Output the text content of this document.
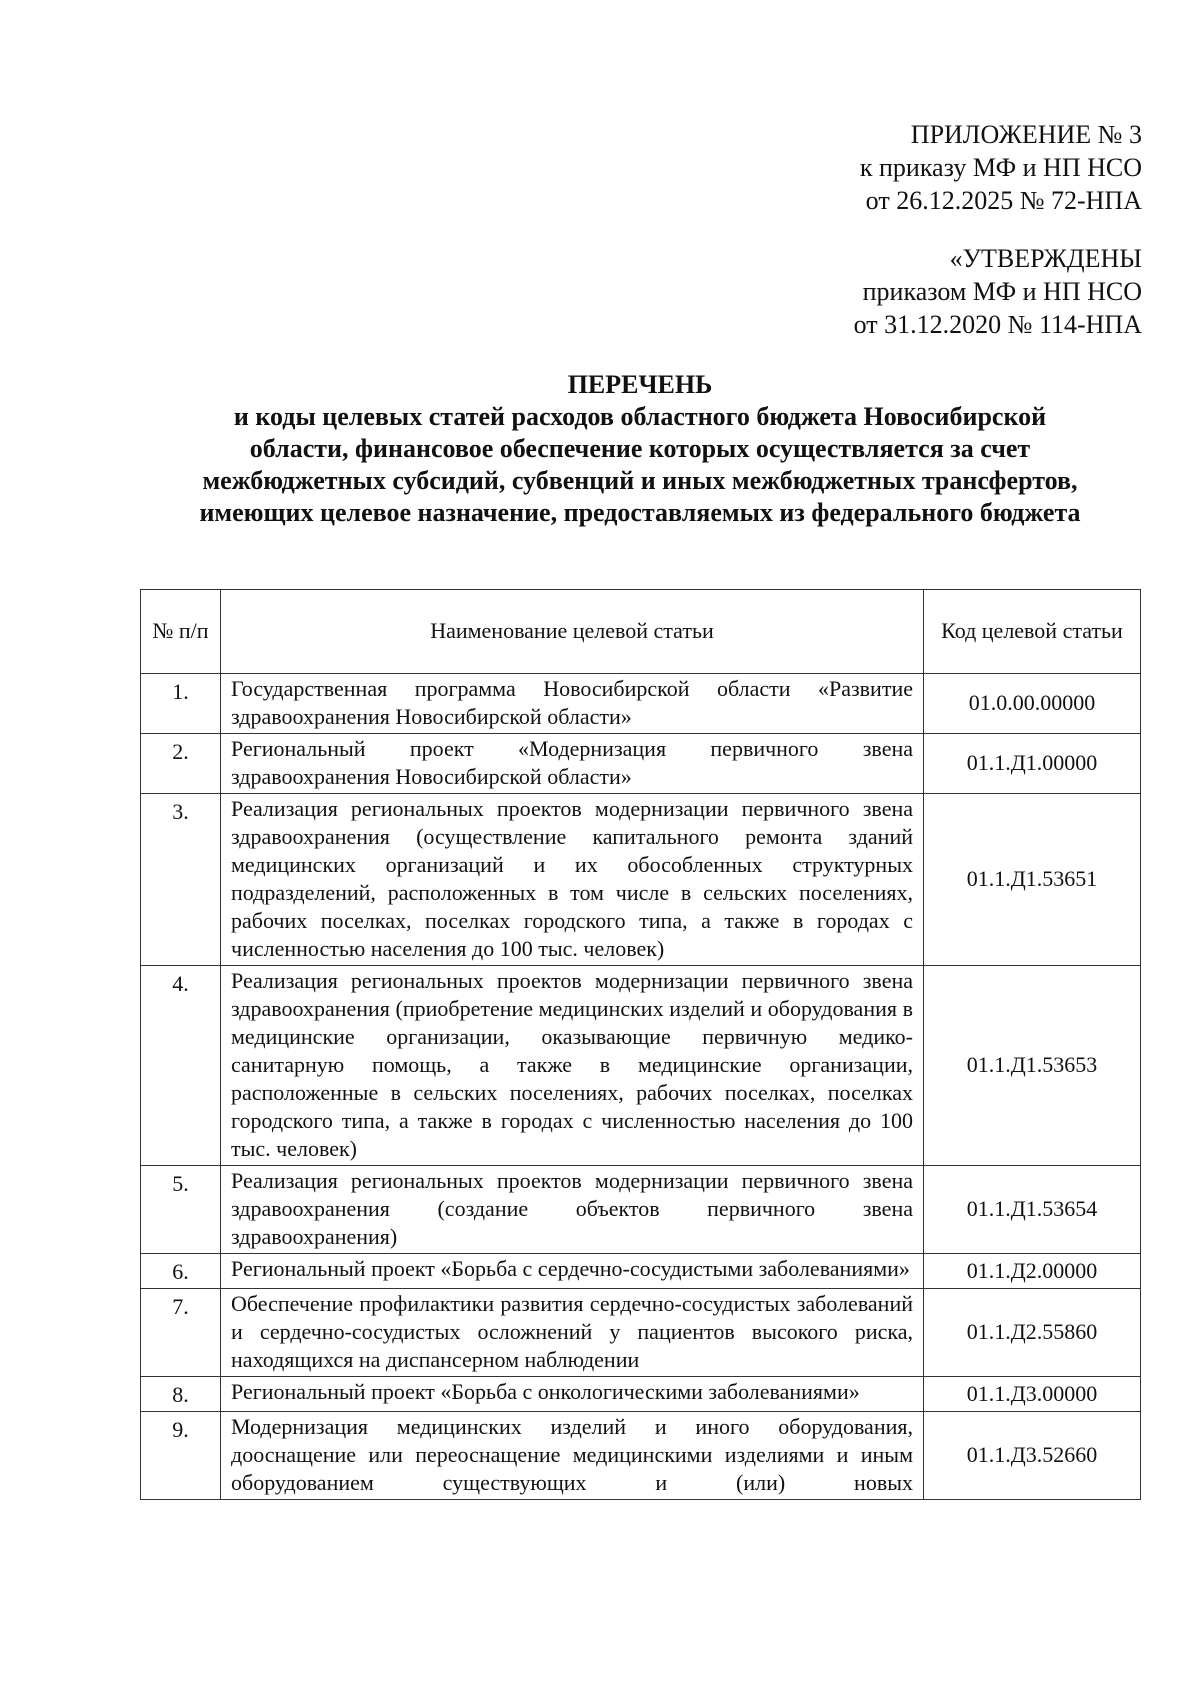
ПРИЛОЖЕНИЕ № 3
к приказу МФ и НП НСО
от 26.12.2025 № 72-НПА
«УТВЕРЖДЕНЫ
приказом МФ и НП НСО
от 31.12.2020 № 114-НПА
ПЕРЕЧЕНЬ
и коды целевых статей расходов областного бюджета Новосибирской
области, финансовое обеспечение которых осуществляется за счет
межбюджетных субсидий, субвенций и иных межбюджетных трансфертов,
имеющих целевое назначение, предоставляемых из федерального бюджета
№ п/п	Наименование целевой статьи	Код целевой статьи
1.	Государственная программа Новосибирской области «Развитие здравоохранения Новосибирской области»	01.0.00.00000
2.	Региональный проект «Модернизация первичного звена здравоохранения Новосибирской области»	01.1.Д1.00000
3.	Реализация региональных проектов модернизации первичного звена здравоохранения (осуществление капитального ремонта зданий медицинских организаций и их обособленных структурных подразделений, расположенных в том числе в сельских поселениях, рабочих поселках, поселках городского типа, а также в городах с численностью населения до 100 тыс. человек)	01.1.Д1.53651
4.	Реализация региональных проектов модернизации первичного звена здравоохранения (приобретение медицинских изделий и оборудования в медицинские организации, оказывающие первичную медико-санитарную помощь, а также в медицинские организации, расположенные в сельских поселениях, рабочих поселках, поселках городского типа, а также в городах с численностью населения до 100 тыс. человек)	01.1.Д1.53653
5.	Реализация региональных проектов модернизации первичного звена здравоохранения (создание объектов первичного звена здравоохранения)	01.1.Д1.53654
6.	Региональный проект «Борьба с сердечно-сосудистыми заболеваниями»	01.1.Д2.00000
7.	Обеспечение профилактики развития сердечно-сосудистых заболеваний и сердечно-сосудистых осложнений у пациентов высокого риска, находящихся на диспансерном наблюдении	01.1.Д2.55860
8.	Региональный проект «Борьба с онкологическими заболеваниями»	01.1.Д3.00000
9.	Модернизация медицинских изделий и иного оборудования, дооснащение или переоснащение медицинскими изделиями и иным оборудованием существующих и (или) новых	01.1.Д3.52660
